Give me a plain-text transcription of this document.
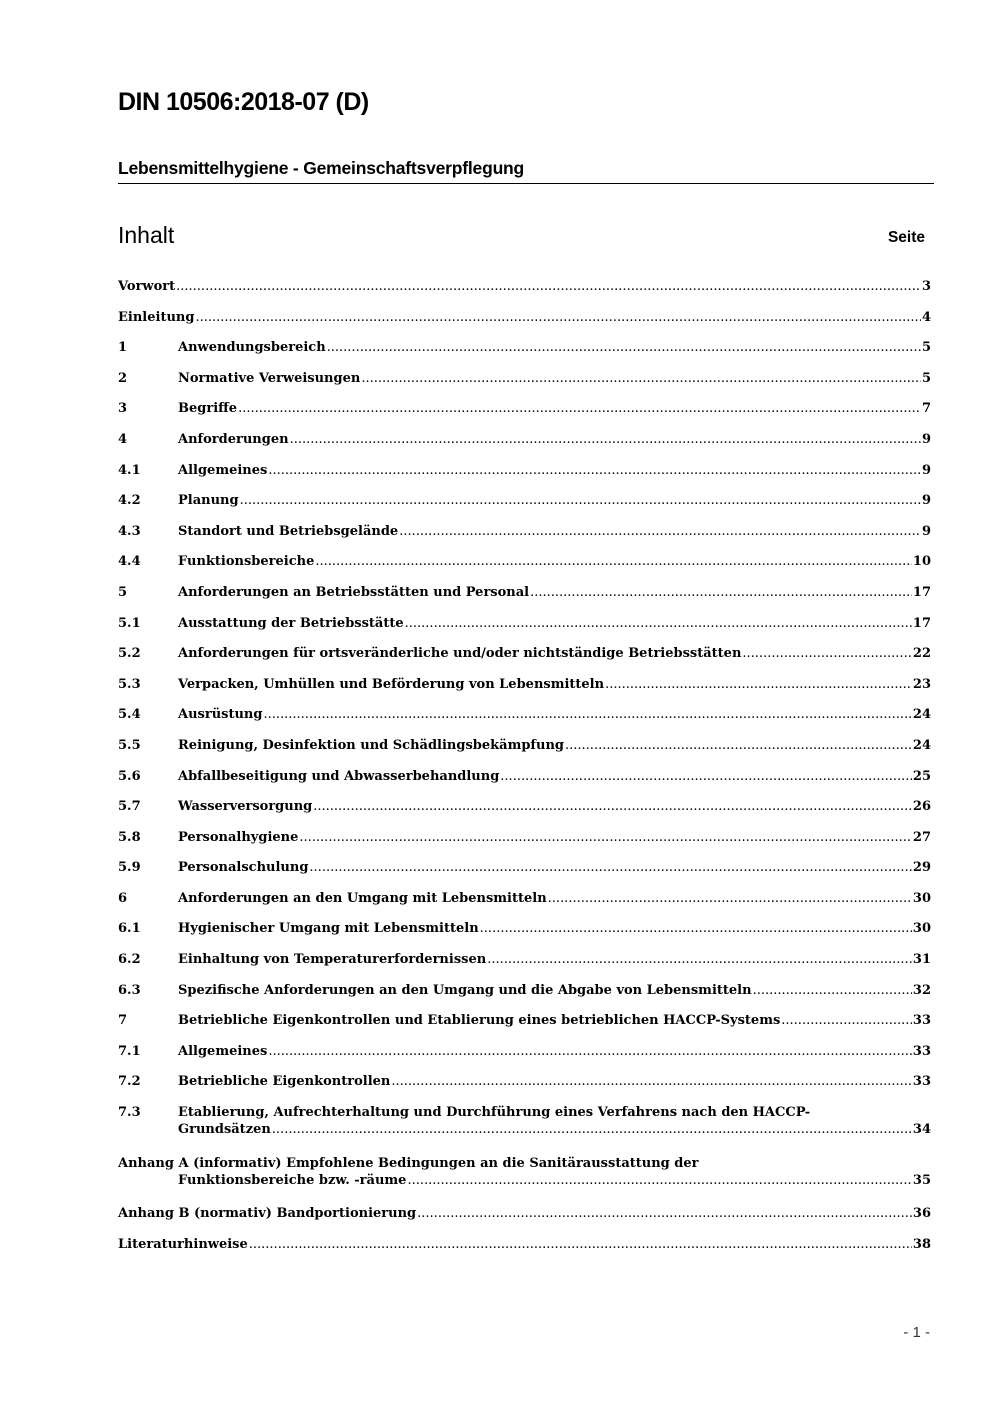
DIN 10506:2018-07 (D)
Lebensmittelhygiene - Gemeinschaftsverpflegung
Inhalt	Seite
Vorwort .....	3
Einleitung .....	4
1	Anwendungsbereich .....	5
2	Normative Verweisungen .....	5
3	Begriffe .....	7
4	Anforderungen .....	9
4.1	Allgemeines .....	9
4.2	Planung .....	9
4.3	Standort und Betriebsgelände .....	9
4.4	Funktionsbereiche .....	10
5	Anforderungen an Betriebsstätten und Personal .....	17
5.1	Ausstattung der Betriebsstätte .....	17
5.2	Anforderungen für ortsveränderliche und/oder nichtständige Betriebsstätten .....	22
5.3	Verpacken, Umhüllen und Beförderung von Lebensmitteln .....	23
5.4	Ausrüstung .....	24
5.5	Reinigung, Desinfektion und Schädlingsbekämpfung .....	24
5.6	Abfallbeseitigung und Abwasserbehandlung .....	25
5.7	Wasserversorgung .....	26
5.8	Personalhygiene .....	27
5.9	Personalschulung .....	29
6	Anforderungen an den Umgang mit Lebensmitteln .....	30
6.1	Hygienischer Umgang mit Lebensmitteln .....	30
6.2	Einhaltung von Temperaturerfordernissen .....	31
6.3	Spezifische Anforderungen an den Umgang und die Abgabe von Lebensmitteln .....	32
7	Betriebliche Eigenkontrollen und Etablierung eines betrieblichen HACCP-Systems .....	33
7.1	Allgemeines .....	33
7.2	Betriebliche Eigenkontrollen .....	33
7.3	Etablierung, Aufrechterhaltung und Durchführung eines Verfahrens nach den HACCP-
Grundsätzen .....	34
Anhang A (informativ) Empfohlene Bedingungen an die Sanitärausstattung der
Funktionsbereiche bzw. -räume .....	35
Anhang B (normativ) Bandportionierung .....	36
Literaturhinweise .....	38
- 1 -
